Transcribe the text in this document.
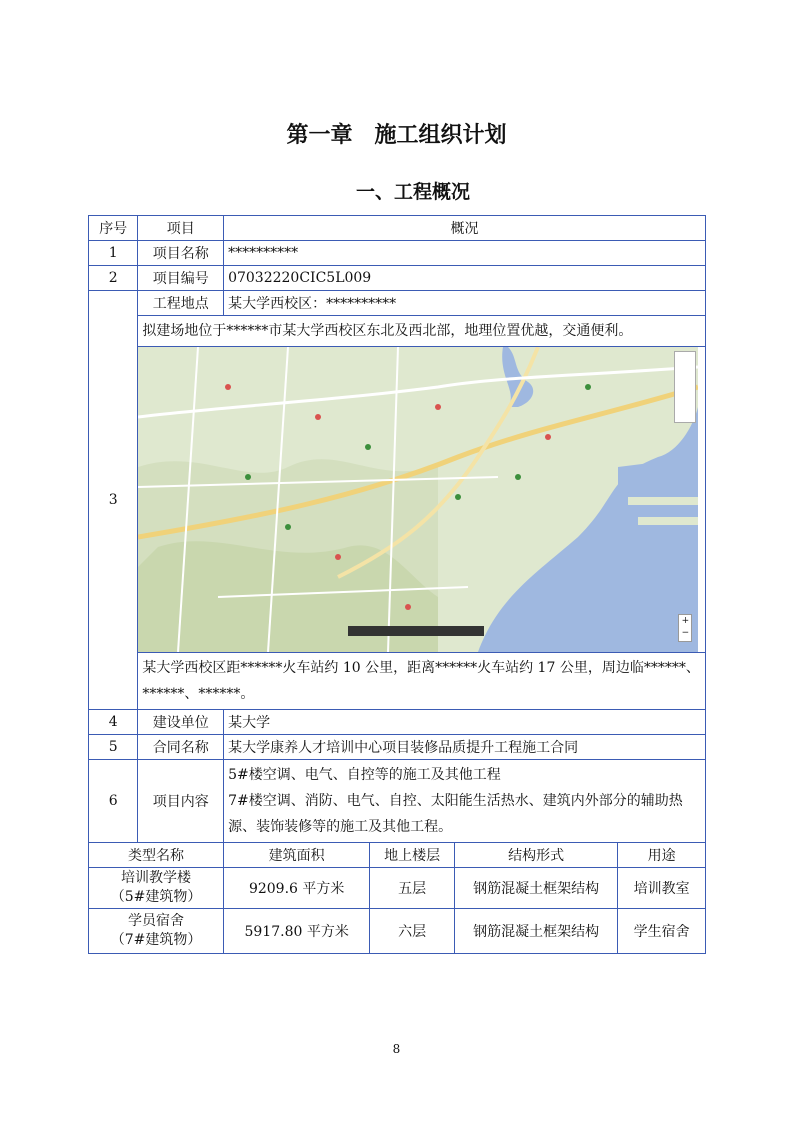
第一章　施工组织计划
一、工程概况
序号	项目	概况			
1	项目名称	**********			
2	项目编号	07032220CIC5L009			
3	工程地点	某大学西校区：**********			
	拟建场地位于******市某大学西校区东北及西北部，地理位置优越，交通便利。				

	+
−				

	某大学西校区距******火车站约 10 公里，距离******火车站约 17 公里，周边临******、******、******。				
4	建设单位	某大学			
5	合同名称	某大学康养人才培训中心项目装修品质提升工程施工合同			
6	项目内容	5#楼空调、电气、自控等的施工及其他工程
7#楼空调、消防、电气、自控、太阳能生活热水、建筑内外部分的辅助热源、装饰装修等的施工及其他工程。			

类型名称		建筑面积	地上楼层	结构形式	用途

培训教学楼
（5#建筑物）		9209.6 平方米	五层	钢筋混凝土框架结构	培训教室

学员宿舍
（7#建筑物）		5917.80 平方米	六层	钢筋混凝土框架结构	学生宿舍
8
